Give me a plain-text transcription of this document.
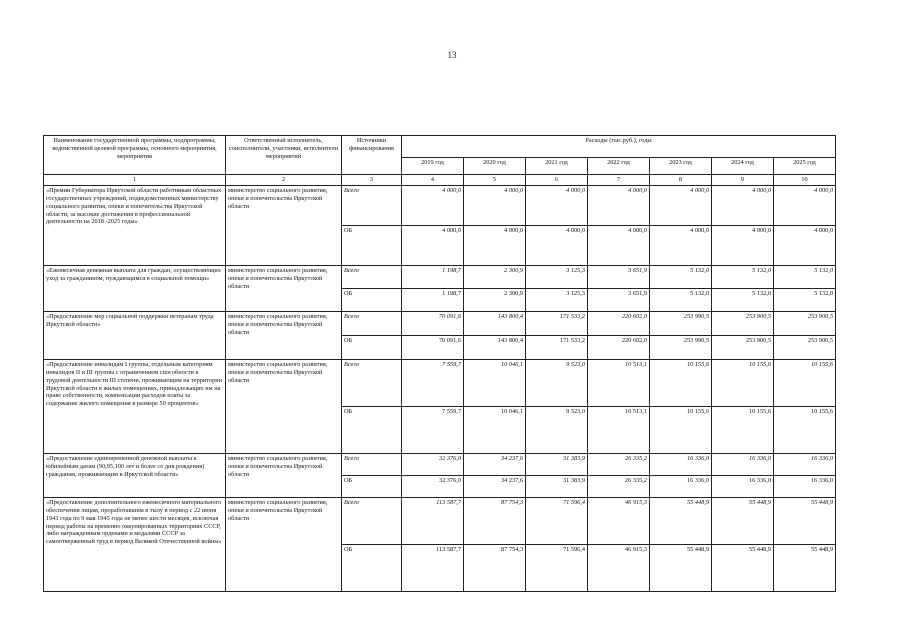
13
Наименование государственной программы, подпрограммы, ведомственной целевой программы, основного мероприятия, мероприятия	Ответственный исполнитель, соисполнители, участники, исполнители мероприятий	Источники финансирования	Расходы (тыс.руб.), годы						
			2019 год	2020 год	2021 год	2022 год	2023 год	2024 год	2025 год
1	2	3	4	5	6	7	8	9	10
«Премии Губернатора Иркутской области работникам областных государственных учреждений, подведомственных министерству социального развития, опеки и попечительства Иркутской области, за высокие достижения в профессиональной деятельности на 2018 -2025 годы»	министерство социального развития, опеки и попечительства Иркутской области	Всего	4 000,0	4 000,0	4 000,0	4 000,0	4 000,0	4 000,0	4 000,0
		ОБ	4 000,0	4 000,0	4 000,0	4 000,0	4 000,0	4 000,0	4 000,0
«Ежемесячная денежная выплата для граждан, осуществляющих уход за гражданином, нуждающимся в социальной помощи»	министерство социального развития, опеки и попечительства Иркутской области	Всего	1 198,7	2 300,9	3 125,3	3 651,9	5 132,0	5 132,0	5 132,0
		ОБ	1 198,7	2 300,9	3 125,3	3 651,9	5 132,0	5 132,0	5 132,0
«Предоставление мер социальной поддержки ветеранам труда Иркутской области»	министерство социального развития, опеки и попечительства Иркутской области	Всего	70 091,6	143 800,4	171 533,2	220 602,0	253 990,5	253 900,5	253 900,5
		ОБ	70 091,6	143 800,4	171 533,2	220 602,0	253 990,5	253 900,5	253 900,5
«Предоставление инвалидам I группы, отдельным категориям инвалидов II и III группы с ограничением способности к трудовой деятельности III степени, проживающим на территории Иркутской области в жилых помещениях, принадлежащих им на праве собственности, компенсации расходов платы за содержание жилого помещения в размере 50 процентов»	министерство социального развития, опеки и попечительства Иркутской области	Всего	7 559,7	10 046,1	9 523,0	10 513,1	10 155,6	10 155,6	10 155,6
		ОБ	7 559,7	10 046,1	9 523,0	10 513,1	10 155,6	10 155,6	10 155,6
«Предоставление единовременной денежной выплаты к юбилейным датам (90,95,100 лет и более со дня рождения) гражданам, проживающим в Иркутской области»	министерство социального развития, опеки и попечительства Иркутской области	Всего	32 376,0	34 237,6	31 383,9	26 335,2	16 336,0	16 336,0	16 336,0
		ОБ	32 376,0	34 237,6	31 383,9	26 335,2	16 336,0	16 336,0	16 336,0
«Предоставление дополнительного ежемесячного материального обеспечения лицам, проработавшим в тылу в период с 22 июня 1941 года по 9 мая 1945 года не менее шести месяцев, исключая период работы на временно оккупированных территориях СССР, либо награжденным орденами и медалями СССР за самоотверженный труд в период Великой Отечественной войны»	министерство социального развития, опеки и попечительства Иркутской области	Всего	113 587,7	87 754,3	71 596,4	46 915,3	55 448,9	55 448,9	55 448,9
		ОБ	113 587,7	87 754,3	71 596,4	46 915,3	55 448,9	55 448,9	55 448,9
